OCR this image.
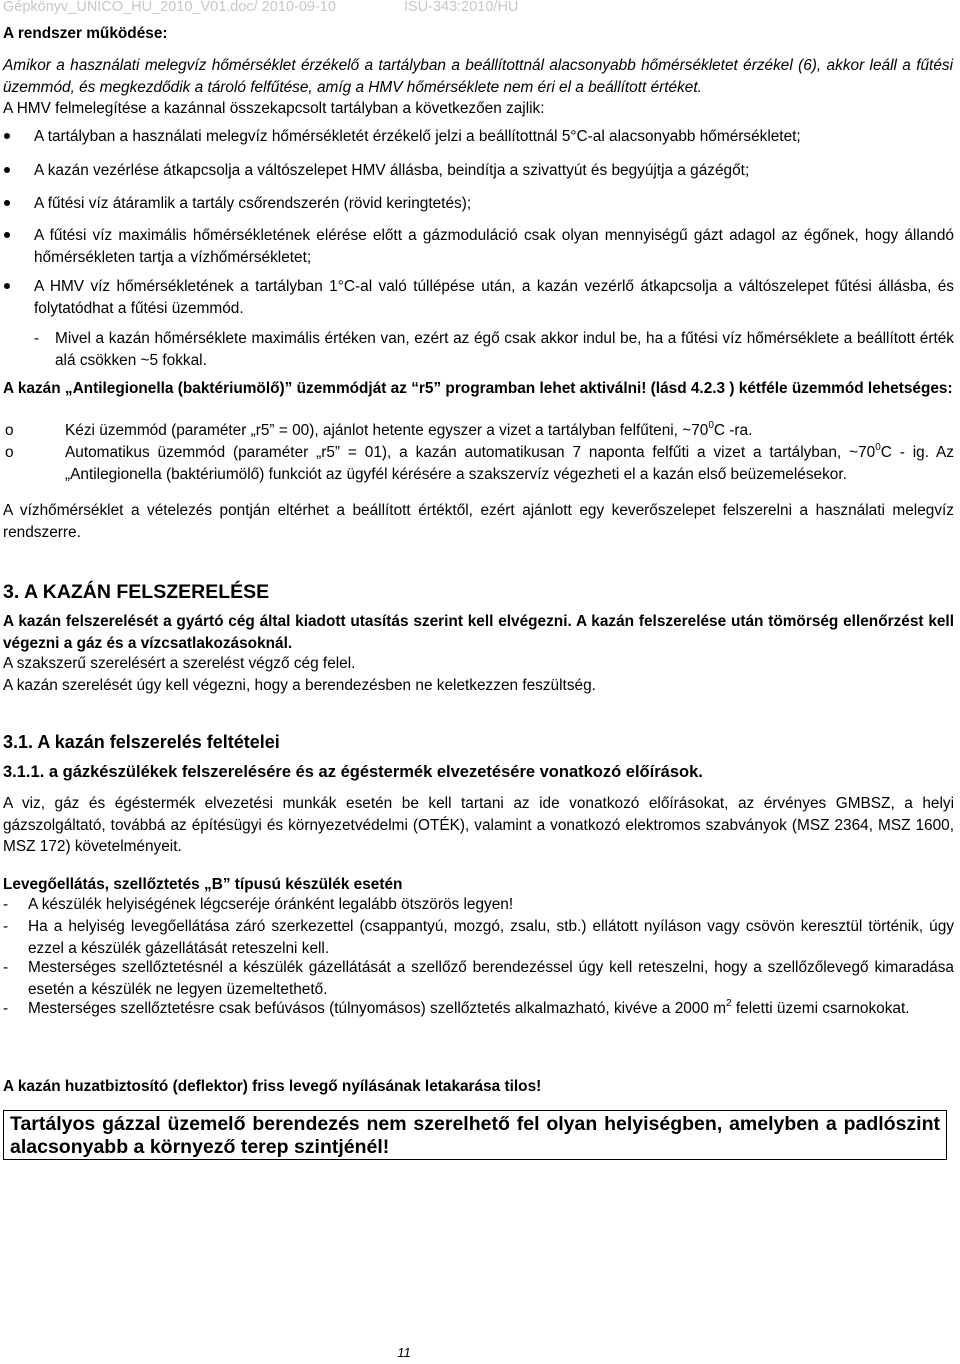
Gépkönyv_UNICO_HU_2010_V01.doc/ 2010-09-10	ISU-343:2010/HU
A rendszer működése:
Amikor a használati melegvíz hőmérséklet érzékelő a tartályban a beállítottnál alacsonyabb hőmérsékletet érzékel (6), akkor leáll a fűtési üzemmód, és megkezdődik a tároló felfűtése, amíg a HMV hőmérséklete nem éri el a beállított értéket.
A HMV felmelegítése a kazánnal összekapcsolt tartályban a következően zajlik:
A tartályban a használati melegvíz hőmérsékletét érzékelő jelzi a beállítottnál 5°C-al alacsonyabb hőmérsékletet;
A kazán vezérlése átkapcsolja a váltószelepet HMV állásba, beindítja a szivattyút és begyújtja a gázégőt;
A fűtési víz átáramlik a tartály csőrendszerén (rövid keringtetés);
A fűtési víz maximális hőmérsékletének elérése előtt a gázmoduláció csak olyan mennyiségű gázt adagol az égőnek, hogy állandó hőmérsékleten tartja a vízhőmérsékletet;
A HMV víz hőmérsékletének a tartályban 1°C-al való túllépése után, a kazán vezérlő átkapcsolja a váltószelepet fűtési állásba, és folytatódhat a fűtési üzemmód.
- Mivel a kazán hőmérséklete maximális értéken van, ezért az égő csak akkor indul be, ha a fűtési víz hőmérséklete a beállított érték alá csökken ~5 fokkal.
A kazán „Antilegionella (baktériumölő)” üzemmódját az “r5” programban lehet aktiválni! (lásd 4.2.3 ) kétféle üzemmód lehetséges:
o	Kézi üzemmód (paraméter „r5” = 00), ajánlot hetente egyszer a vizet a tartályban felfűteni, $\sim 70^0C$ -ra.
o	Automatikus üzemmód (paraméter „r5” = 01), a kazán automatikusan 7 naponta felfűti a vizet a tartályban, $\sim 70^0C$ - ig. Az „Antilegionella (baktériumölő) funkciót az ügyfél kérésére a szakszervíz végezheti el a kazán első beüzemelésekor.
A vízhőmérséklet a vételezés pontján eltérhet a beállított értéktől, ezért ajánlott egy keverőszelepet felszerelni a használati melegvíz rendszerre.
3. A KAZÁN FELSZERELÉSE
A kazán felszerelését a gyártó cég által kiadott utasítás szerint kell elvégezni. A kazán felszerelése után tömörség ellenőrzést kell végezni a gáz és a vízcsatlakozásoknál.
A szakszerű szerelésért a szerelést végző cég felel.
A kazán szerelését úgy kell végezni, hogy a berendezésben ne keletkezzen feszültség.
3.1. A kazán felszerelés feltételei
3.1.1. a gázkészülékek felszerelésére és az égéstermék elvezetésére vonatkozó előírások.
A viz, gáz és égéstermék elvezetési munkák esetén be kell tartani az ide vonatkozó előírásokat, az érvényes GMBSZ, a helyi gázszolgáltató, továbbá az építésügyi és környezetvédelmi (OTÉK), valamint a vonatkozó elektromos szabványok (MSZ 2364, MSZ 1600, MSZ 172) követelményeit.
Levegőellátás, szellőztetés „B” típusú készülék esetén
- A készülék helyiségének légcseréje óránként legalább ötszörös legyen!
- Ha a helyiség levegőellátása záró szerkezettel (csappantyú, mozgó, zsalu, stb.) ellátott nyíláson vagy csövön keresztül történik, úgy ezzel a készülék gázellátását reteszelni kell.
- Mesterséges szellőztetésnél a készülék gázellátását a szellőző berendezéssel úgy kell reteszelni, hogy a szellőzőlevegő kimaradása esetén a készülék ne legyen üzemeltethető.
- Mesterséges szellőztetésre csak befúvásos (túlnyomásos) szellőztetés alkalmazható, kivéve a 2000 $m^2$ feletti üzemi csarnokokat.
A kazán huzatbiztosító (deflektor) friss levegő nyílásának letakarása tilos!
Tartályos gázzal üzemelő berendezés nem szerelhető fel olyan helyiségben, amelyben a padlószint alacsonyabb a környező terep szintjénél!
11
